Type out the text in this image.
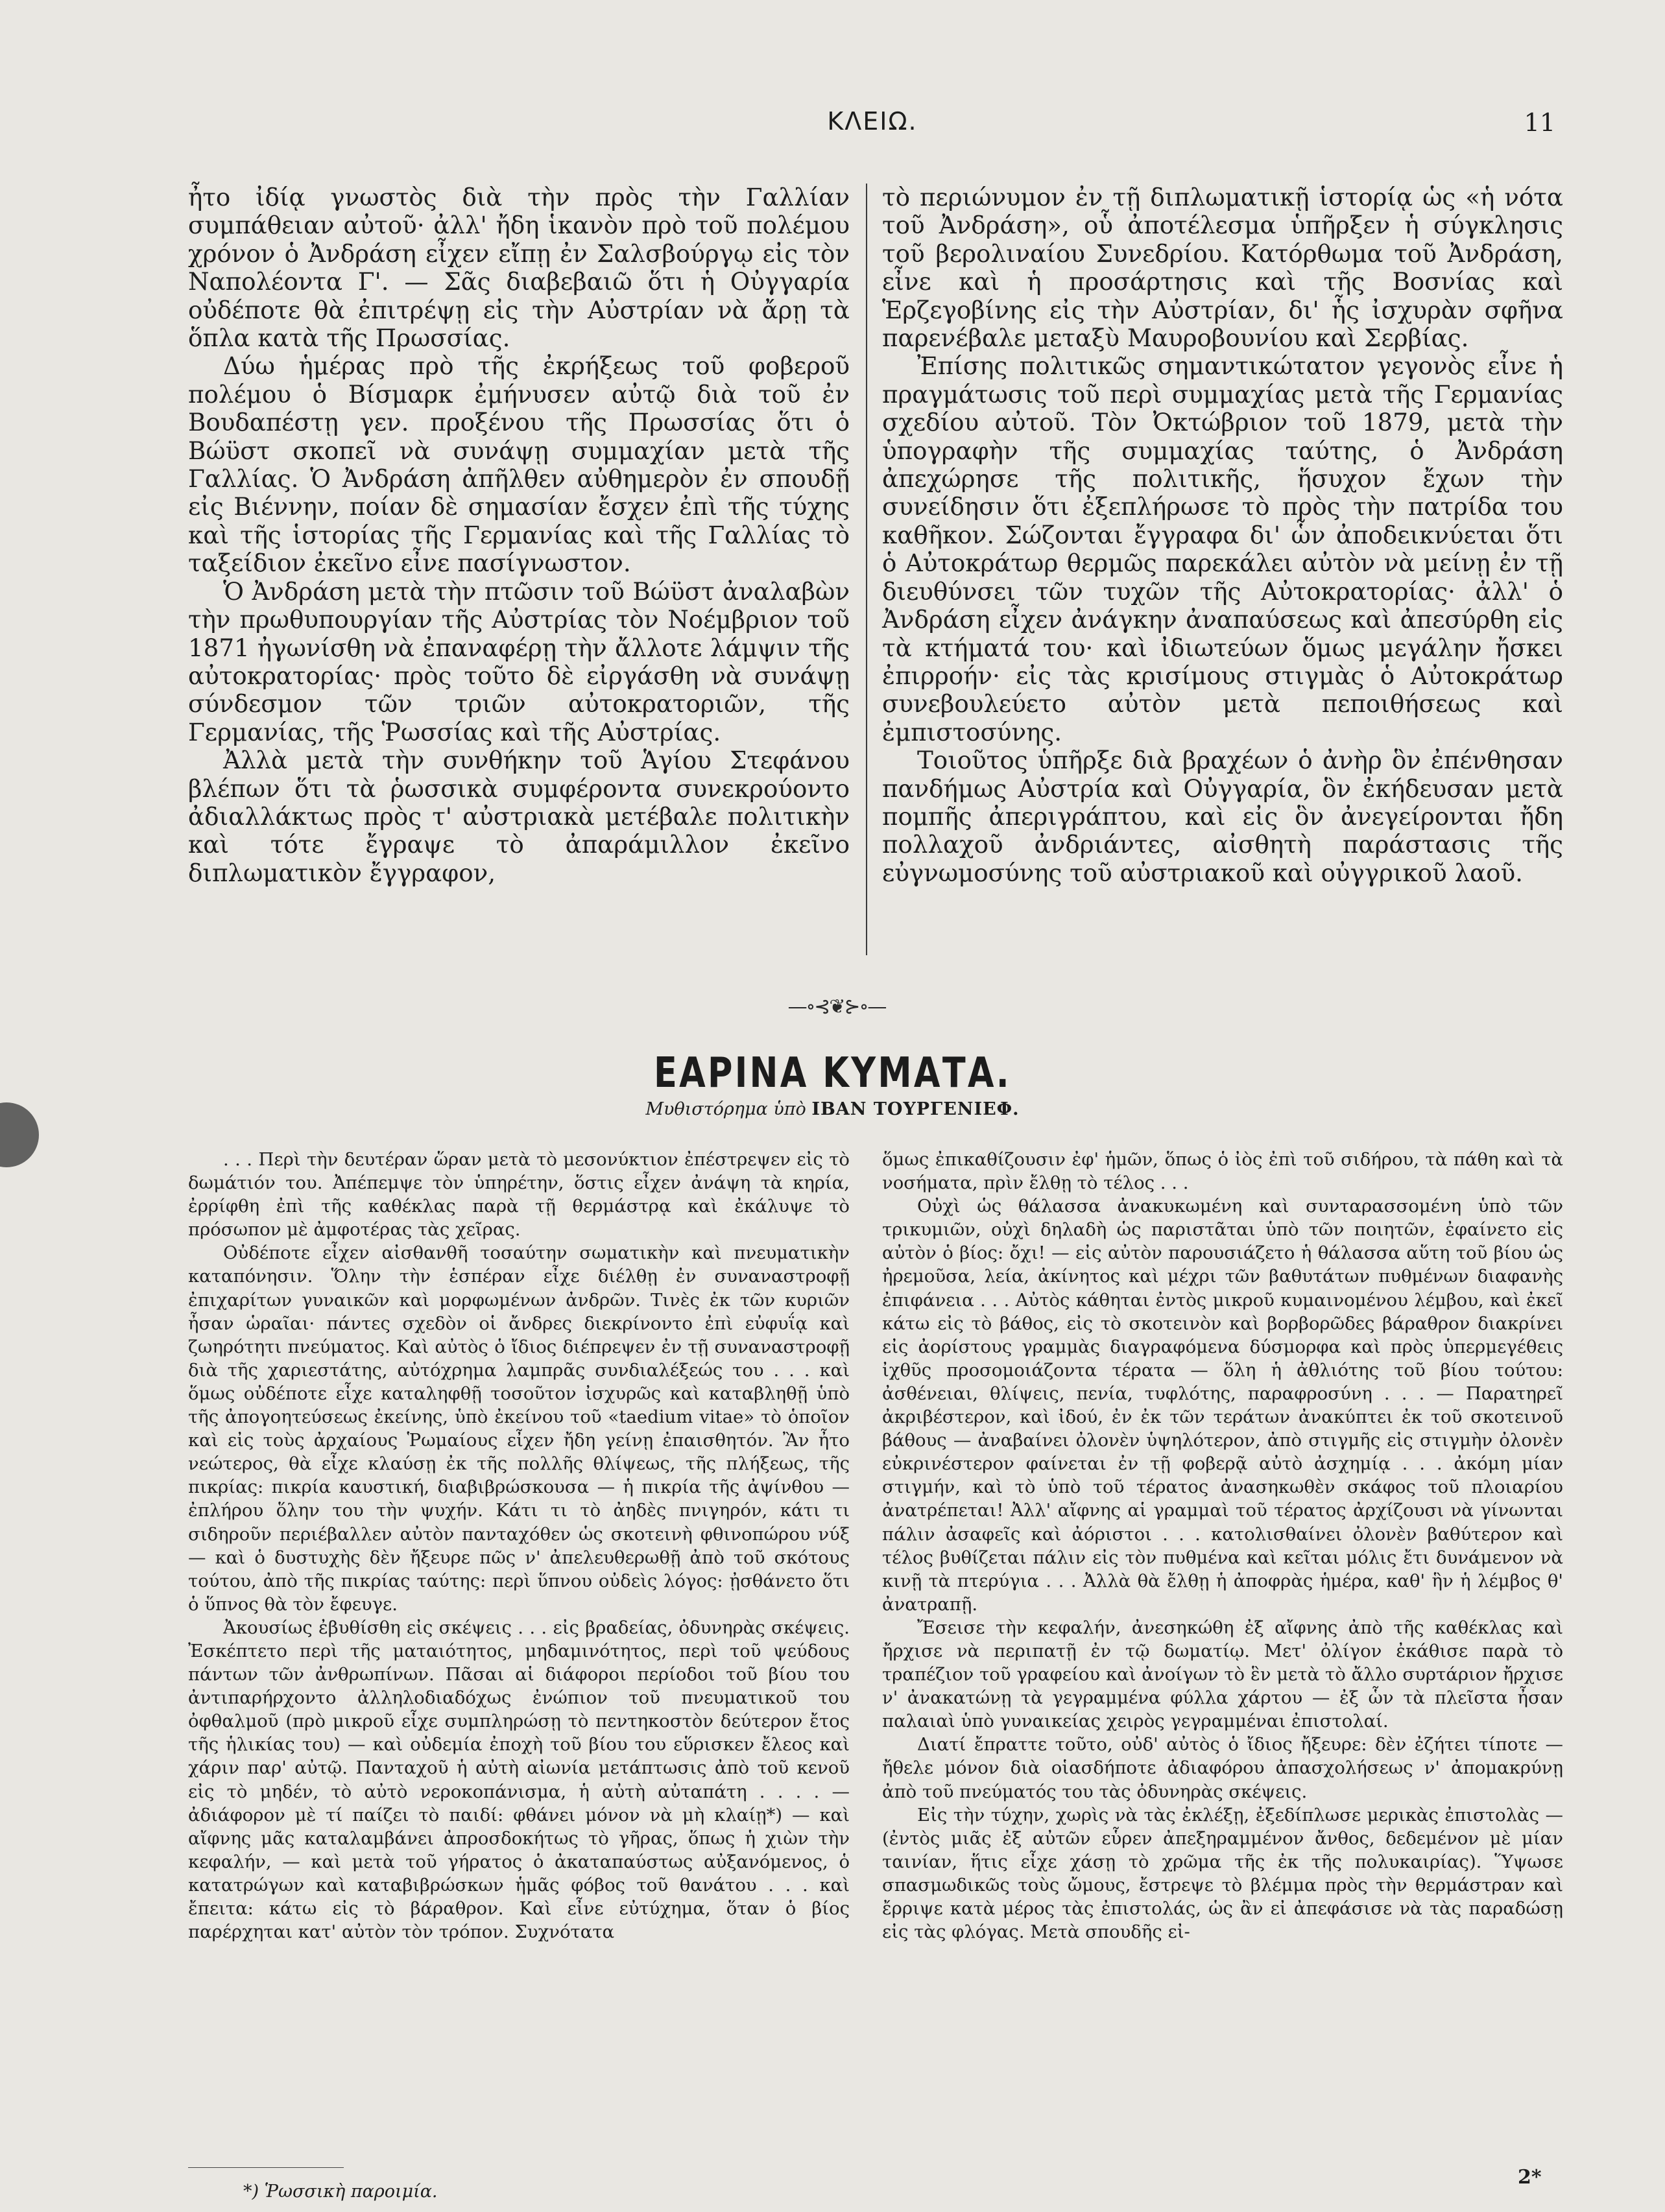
ΚΛΕΙΩ.	11

ἦτο ἰδίᾳ γνωστὸς διὰ τὴν πρὸς τὴν Γαλλίαν συμπάθειαν αὐτοῦ· ἀλλ' ἤδη ἱκανὸν πρὸ τοῦ πολέμου χρόνον ὁ Ἀνδράση εἶχεν εἴπῃ ἐν Σαλσβούργῳ εἰς τὸν Ναπολέοντα Γ'. — Σᾶς διαβεβαιῶ ὅτι ἡ Οὐγγαρία οὐδέποτε θὰ ἐπιτρέψῃ εἰς τὴν Αὐστρίαν νὰ ἄρῃ τὰ ὅπλα κατὰ τῆς Πρωσσίας.

Δύω ἡμέρας πρὸ τῆς ἐκρήξεως τοῦ φοβεροῦ πολέμου ὁ Βίσμαρκ ἐμήνυσεν αὐτῷ διὰ τοῦ ἐν Βουδαπέστῃ γεν. προξένου τῆς Πρωσσίας ὅτι ὁ Βώϋστ σκοπεῖ νὰ συνάψῃ συμμαχίαν μετὰ τῆς Γαλλίας. Ὁ Ἀνδράση ἀπῆλθεν αὐθημερὸν ἐν σπουδῇ εἰς Βιέννην, ποίαν δὲ σημασίαν ἔσχεν ἐπὶ τῆς τύχης καὶ τῆς ἱστορίας τῆς Γερμανίας καὶ τῆς Γαλλίας τὸ ταξείδιον ἐκεῖνο εἶνε πασίγνωστον.

Ὁ Ἀνδράση μετὰ τὴν πτῶσιν τοῦ Βώϋστ ἀναλαβὼν τὴν πρωθυπουργίαν τῆς Αὐστρίας τὸν Νοέμβριον τοῦ 1871 ἠγωνίσθη νὰ ἐπαναφέρῃ τὴν ἄλλοτε λάμψιν τῆς αὐτοκρατορίας· πρὸς τοῦτο δὲ εἰργάσθη νὰ συνάψῃ σύνδεσμον τῶν τριῶν αὐτοκρατοριῶν, τῆς Γερμανίας, τῆς Ῥωσσίας καὶ τῆς Αὐστρίας.

Ἀλλὰ μετὰ τὴν συνθήκην τοῦ Ἁγίου Στεφάνου βλέπων ὅτι τὰ ῥωσσικὰ συμφέροντα συνεκρούοντο ἀδιαλλάκτως πρὸς τ' αὐστριακὰ μετέβαλε πολιτικὴν καὶ τότε ἔγραψε τὸ ἀπαράμιλλον ἐκεῖνο διπλωματικὸν ἔγγραφον,

τὸ περιώνυμον ἐν τῇ διπλωματικῇ ἱστορίᾳ ὡς «ἡ νότα τοῦ Ἀνδράση», οὗ ἀποτέλεσμα ὑπῆρξεν ἡ σύγκλησις τοῦ βερολιναίου Συνεδρίου. Κατόρθωμα τοῦ Ἀνδράση, εἶνε καὶ ἡ προσάρτησις καὶ τῆς Βοσνίας καὶ Ἑρζεγοβίνης εἰς τὴν Αὐστρίαν, δι' ἧς ἰσχυρὰν σφῆνα παρενέβαλε μεταξὺ Μαυροβουνίου καὶ Σερβίας.

Ἐπίσης πολιτικῶς σημαντικώτατον γεγονὸς εἶνε ἡ πραγμάτωσις τοῦ περὶ συμμαχίας μετὰ τῆς Γερμανίας σχεδίου αὐτοῦ. Τὸν Ὀκτώβριον τοῦ 1879, μετὰ τὴν ὑπογραφὴν τῆς συμμαχίας ταύτης, ὁ Ἀνδράση ἀπεχώρησε τῆς πολιτικῆς, ἥσυχον ἔχων τὴν συνείδησιν ὅτι ἐξεπλήρωσε τὸ πρὸς τὴν πατρίδα του καθῆκον. Σώζονται ἔγγραφα δι' ὧν ἀποδεικνύεται ὅτι ὁ Αὐτοκράτωρ θερμῶς παρεκάλει αὐτὸν νὰ μείνῃ ἐν τῇ διευθύνσει τῶν τυχῶν τῆς Αὐτοκρατορίας· ἀλλ' ὁ Ἀνδράση εἶχεν ἀνάγκην ἀναπαύσεως καὶ ἀπεσύρθη εἰς τὰ κτήματά του· καὶ ἰδιωτεύων ὅμως μεγάλην ἤσκει ἐπιρροήν· εἰς τὰς κρισίμους στιγμὰς ὁ Αὐτοκράτωρ συνεβουλεύετο αὐτὸν μετὰ πεποιθήσεως καὶ ἐμπιστοσύνης.

Τοιοῦτος ὑπῆρξε διὰ βραχέων ὁ ἀνὴρ ὃν ἐπένθησαν πανδήμως Αὐστρία καὶ Οὐγγαρία, ὃν ἐκήδευσαν μετὰ πομπῆς ἀπεριγράπτου, καὶ εἰς ὃν ἀνεγείρονται ἤδη πολλαχοῦ ἀνδριάντες, αἰσθητὴ παράστασις τῆς εὐγνωμοσύνης τοῦ αὐστριακοῦ καὶ οὐγγρικοῦ λαοῦ.

—∘⊰❦⊱∘—
ΕΑΡΙΝΑ ΚΥΜΑΤΑ.
Μυθιστόρημα ὑπὸ ΙΒΑΝ ΤΟΥΡΓΕΝΙΕΦ.

. . . Περὶ τὴν δευτέραν ὥραν μετὰ τὸ μεσονύκτιον ἐπέστρεψεν εἰς τὸ δωμάτιόν του. Ἀπέπεμψε τὸν ὑπηρέτην, ὅστις εἶχεν ἀνάψη τὰ κηρία, ἐρρίφθη ἐπὶ τῆς καθέκλας παρὰ τῇ θερμάστρᾳ καὶ ἐκάλυψε τὸ πρόσωπον μὲ ἀμφοτέρας τὰς χεῖρας.

Οὐδέποτε εἶχεν αἰσθανθῆ τοσαύτην σωματικὴν καὶ πνευματικὴν καταπόνησιν. Ὅλην τὴν ἑσπέραν εἶχε διέλθῃ ἐν συναναστροφῇ ἐπιχαρίτων γυναικῶν καὶ μορφωμένων ἀνδρῶν. Τινὲς ἐκ τῶν κυριῶν ἦσαν ὡραῖαι· πάντες σχεδὸν οἱ ἄνδρες διεκρίνοντο ἐπὶ εὐφυΐᾳ καὶ ζωηρότητι πνεύματος. Καὶ αὐτὸς ὁ ἴδιος διέπρεψεν ἐν τῇ συναναστροφῇ διὰ τῆς χαριεστάτης, αὐτόχρημα λαμπρᾶς συνδιαλέξεώς του . . . καὶ ὅμως οὐδέποτε εἶχε καταληφθῇ τοσοῦτον ἰσχυρῶς καὶ καταβληθῇ ὑπὸ τῆς ἀπογοητεύσεως ἐκείνης, ὑπὸ ἐκείνου τοῦ «taedium vitae» τὸ ὁποῖον καὶ εἰς τοὺς ἀρχαίους Ῥωμαίους εἶχεν ἤδη γείνῃ ἐπαισθητόν. Ἂν ἦτο νεώτερος, θὰ εἶχε κλαύσῃ ἐκ τῆς πολλῆς θλίψεως, τῆς πλήξεως, τῆς πικρίας: πικρία καυστική, διαβιβρώσκουσα — ἡ πικρία τῆς ἀψίνθου — ἐπλήρου ὅλην του τὴν ψυχήν. Κάτι τι τὸ ἀηδὲς πνιγηρόν, κάτι τι σιδηροῦν περιέβαλλεν αὐτὸν πανταχόθεν ὡς σκοτεινὴ φθινοπώρου νύξ — καὶ ὁ δυστυχὴς δὲν ἤξευρε πῶς ν' ἀπελευθερωθῇ ἀπὸ τοῦ σκότους τούτου, ἀπὸ τῆς πικρίας ταύτης: περὶ ὕπνου οὐδεὶς λόγος: ᾐσθάνετο ὅτι ὁ ὕπνος θὰ τὸν ἔφευγε.

Ἀκουσίως ἐβυθίσθη εἰς σκέψεις . . . εἰς βραδείας, ὀδυνηρὰς σκέψεις. Ἐσκέπτετο περὶ τῆς ματαιότητος, μηδαμινότητος, περὶ τοῦ ψεύδους πάντων τῶν ἀνθρωπίνων. Πᾶσαι αἱ διάφοροι περίοδοι τοῦ βίου του ἀντιπαρήρχοντο ἀλληλοδιαδόχως ἐνώπιον τοῦ πνευματικοῦ του ὀφθαλμοῦ (πρὸ μικροῦ εἶχε συμπληρώσῃ τὸ πεντηκοστὸν δεύτερον ἔτος τῆς ἡλικίας του) — καὶ οὐδεμία ἐποχὴ τοῦ βίου του εὕρισκεν ἔλεος καὶ χάριν παρ' αὐτῷ. Πανταχοῦ ἡ αὐτὴ αἰωνία μετάπτωσις ἀπὸ τοῦ κενοῦ εἰς τὸ μηδέν, τὸ αὐτὸ νεροκοπάνισμα, ἡ αὐτὴ αὐταπάτη . . . . — ἀδιάφορον μὲ τί παίζει τὸ παιδί: φθάνει μόνον νὰ μὴ κλαίῃ*) — καὶ αἴφνης μᾶς καταλαμβάνει ἀπροσδοκήτως τὸ γῆρας, ὅπως ἡ χιὼν τὴν κεφαλήν, — καὶ μετὰ τοῦ γήρατος ὁ ἀκαταπαύστως αὐξανόμενος, ὁ κατατρώγων καὶ καταβιβρώσκων ἡμᾶς φόβος τοῦ θανάτου . . . καὶ ἔπειτα: κάτω εἰς τὸ βάραθρον. Καὶ εἶνε εὐτύχημα, ὅταν ὁ βίος παρέρχηται κατ' αὐτὸν τὸν τρόπον. Συχνότατα

ὅμως ἐπικαθίζουσιν ἐφ' ἡμῶν, ὅπως ὁ ἰὸς ἐπὶ τοῦ σιδήρου, τὰ πάθη καὶ τὰ νοσήματα, πρὶν ἔλθῃ τὸ τέλος . . .

Οὐχὶ ὡς θάλασσα ἀνακυκωμένη καὶ συνταρασσομένη ὑπὸ τῶν τρικυμιῶν, οὐχὶ δηλαδὴ ὡς παριστᾶται ὑπὸ τῶν ποιητῶν, ἐφαίνετο εἰς αὐτὸν ὁ βίος: ὄχι! — εἰς αὐτὸν παρουσιάζετο ἡ θάλασσα αὕτη τοῦ βίου ὡς ἠρεμοῦσα, λεία, ἀκίνητος καὶ μέχρι τῶν βαθυτάτων πυθμένων διαφανὴς ἐπιφάνεια . . . Αὐτὸς κάθηται ἐντὸς μικροῦ κυμαινομένου λέμβου, καὶ ἐκεῖ κάτω εἰς τὸ βάθος, εἰς τὸ σκοτεινὸν καὶ βορβορῶδες βάραθρον διακρίνει εἰς ἀορίστους γραμμὰς διαγραφόμενα δύσμορφα καὶ πρὸς ὑπερμεγέθεις ἰχθῦς προσομοιάζοντα τέρατα — ὅλη ἡ ἀθλιότης τοῦ βίου τούτου: ἀσθένειαι, θλίψεις, πενία, τυφλότης, παραφροσύνη . . . — Παρατηρεῖ ἀκριβέστερον, καὶ ἰδού, ἐν ἐκ τῶν τεράτων ἀνακύπτει ἐκ τοῦ σκοτεινοῦ βάθους — ἀναβαίνει ὀλονὲν ὑψηλότερον, ἀπὸ στιγμῆς εἰς στιγμὴν ὀλονὲν εὐκρινέστερον φαίνεται ἐν τῇ φοβερᾷ αὐτὸ ἀσχημίᾳ . . . ἀκόμη μίαν στιγμήν, καὶ τὸ ὑπὸ τοῦ τέρατος ἀνασηκωθὲν σκάφος τοῦ πλοιαρίου ἀνατρέπεται! Ἀλλ' αἴφνης αἱ γραμμαὶ τοῦ τέρατος ἀρχίζουσι νὰ γίνωνται πάλιν ἀσαφεῖς καὶ ἀόριστοι . . . κατολισθαίνει ὀλονὲν βαθύτερον καὶ τέλος βυθίζεται πάλιν εἰς τὸν πυθμένα καὶ κεῖται μόλις ἔτι δυνάμενον νὰ κινῇ τὰ πτερύγια . . . Ἀλλὰ θὰ ἔλθῃ ἡ ἀποφρὰς ἡμέρα, καθ' ἣν ἡ λέμβος θ' ἀνατραπῇ.

Ἔσεισε τὴν κεφαλήν, ἀνεσηκώθη ἐξ αἴφνης ἀπὸ τῆς καθέκλας καὶ ἤρχισε νὰ περιπατῇ ἐν τῷ δωματίῳ. Μετ' ὀλίγον ἐκάθισε παρὰ τὸ τραπέζιον τοῦ γραφείου καὶ ἀνοίγων τὸ ἓν μετὰ τὸ ἄλλο συρτάριον ἤρχισε ν' ἀνακατώνῃ τὰ γεγραμμένα φύλλα χάρτου — ἐξ ὧν τὰ πλεῖστα ἦσαν παλαιαὶ ὑπὸ γυναικείας χειρὸς γεγραμμέναι ἐπιστολαί.

Διατί ἔπραττε τοῦτο, οὐδ' αὐτὸς ὁ ἴδιος ἤξευρε: δὲν ἐζήτει τίποτε — ἤθελε μόνον διὰ οἱασδήποτε ἀδιαφόρου ἀπασχολήσεως ν' ἀπομακρύνῃ ἀπὸ τοῦ πνεύματός του τὰς ὀδυνηρὰς σκέψεις.

Εἰς τὴν τύχην, χωρὶς νὰ τὰς ἐκλέξῃ, ἐξεδίπλωσε μερικὰς ἐπιστολὰς — (ἐντὸς μιᾶς ἐξ αὐτῶν εὗρεν ἀπεξηραμμένον ἄνθος, δεδεμένον μὲ μίαν ταινίαν, ἥτις εἶχε χάσῃ τὸ χρῶμα τῆς ἐκ τῆς πολυκαιρίας). Ὕψωσε σπασμωδικῶς τοὺς ὤμους, ἔστρεψε τὸ βλέμμα πρὸς τὴν θερμάστραν καὶ ἔρριψε κατὰ μέρος τὰς ἐπιστολάς, ὡς ἂν εἰ ἀπεφάσισε νὰ τὰς παραδώσῃ εἰς τὰς φλόγας. Μετὰ σπουδῆς εἰ-

*) Ῥωσσικὴ παροιμία.
2*
